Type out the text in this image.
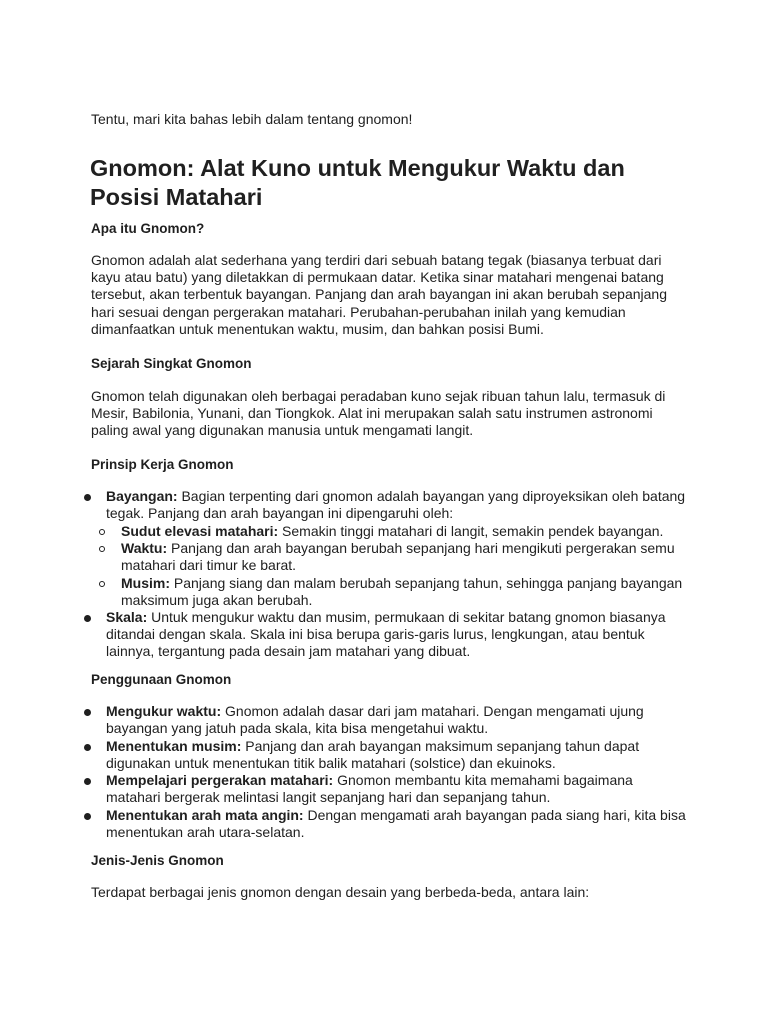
Tentu, mari kita bahas lebih dalam tentang gnomon!
Gnomon: Alat Kuno untuk Mengukur Waktu dan
Posisi Matahari
Apa itu Gnomon?
Gnomon adalah alat sederhana yang terdiri dari sebuah batang tegak (biasanya terbuat dari
kayu atau batu) yang diletakkan di permukaan datar. Ketika sinar matahari mengenai batang
tersebut, akan terbentuk bayangan. Panjang dan arah bayangan ini akan berubah sepanjang
hari sesuai dengan pergerakan matahari. Perubahan-perubahan inilah yang kemudian
dimanfaatkan untuk menentukan waktu, musim, dan bahkan posisi Bumi.
Sejarah Singkat Gnomon
Gnomon telah digunakan oleh berbagai peradaban kuno sejak ribuan tahun lalu, termasuk di
Mesir, Babilonia, Yunani, dan Tiongkok. Alat ini merupakan salah satu instrumen astronomi
paling awal yang digunakan manusia untuk mengamati langit.
Prinsip Kerja Gnomon
Bayangan: Bagian terpenting dari gnomon adalah bayangan yang diproyeksikan oleh batang
tegak. Panjang dan arah bayangan ini dipengaruhi oleh:
Sudut elevasi matahari: Semakin tinggi matahari di langit, semakin pendek bayangan.
Waktu: Panjang dan arah bayangan berubah sepanjang hari mengikuti pergerakan semu
matahari dari timur ke barat.
Musim: Panjang siang dan malam berubah sepanjang tahun, sehingga panjang bayangan
maksimum juga akan berubah.
Skala: Untuk mengukur waktu dan musim, permukaan di sekitar batang gnomon biasanya
ditandai dengan skala. Skala ini bisa berupa garis-garis lurus, lengkungan, atau bentuk
lainnya, tergantung pada desain jam matahari yang dibuat.
Penggunaan Gnomon
Mengukur waktu: Gnomon adalah dasar dari jam matahari. Dengan mengamati ujung
bayangan yang jatuh pada skala, kita bisa mengetahui waktu.
Menentukan musim: Panjang dan arah bayangan maksimum sepanjang tahun dapat
digunakan untuk menentukan titik balik matahari (solstice) dan ekuinoks.
Mempelajari pergerakan matahari: Gnomon membantu kita memahami bagaimana
matahari bergerak melintasi langit sepanjang hari dan sepanjang tahun.
Menentukan arah mata angin: Dengan mengamati arah bayangan pada siang hari, kita bisa
menentukan arah utara-selatan.
Jenis-Jenis Gnomon
Terdapat berbagai jenis gnomon dengan desain yang berbeda-beda, antara lain:
